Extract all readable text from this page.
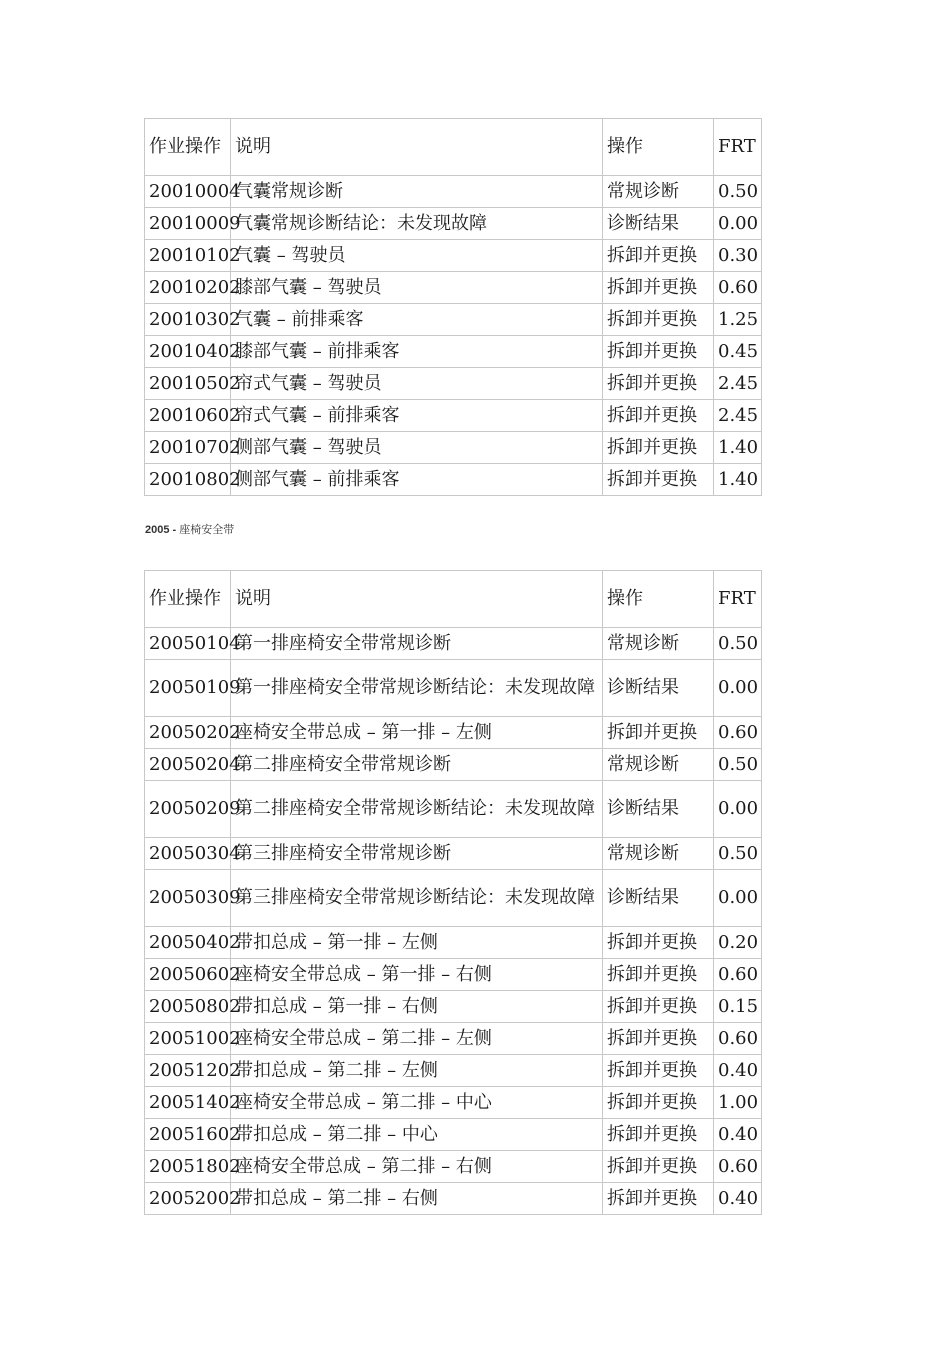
作业操作	说明	操作	FRT
20010004	气囊常规诊断	常规诊断	0.50
20010009	气囊常规诊断结论：未发现故障	诊断结果	0.00
20010102	气囊 – 驾驶员	拆卸并更换	0.30
20010202	膝部气囊 – 驾驶员	拆卸并更换	0.60
20010302	气囊 – 前排乘客	拆卸并更换	1.25
20010402	膝部气囊 – 前排乘客	拆卸并更换	0.45
20010502	帘式气囊 – 驾驶员	拆卸并更换	2.45
20010602	帘式气囊 – 前排乘客	拆卸并更换	2.45
20010702	侧部气囊 – 驾驶员	拆卸并更换	1.40
20010802	侧部气囊 – 前排乘客	拆卸并更换	1.40
2005 - 座椅安全带
作业操作	说明	操作	FRT
20050104	第一排座椅安全带常规诊断	常规诊断	0.50
20050109	第一排座椅安全带常规诊断结论：未发现故障	诊断结果	0.00
20050202	座椅安全带总成 – 第一排 – 左侧	拆卸并更换	0.60
20050204	第二排座椅安全带常规诊断	常规诊断	0.50
20050209	第二排座椅安全带常规诊断结论：未发现故障	诊断结果	0.00
20050304	第三排座椅安全带常规诊断	常规诊断	0.50
20050309	第三排座椅安全带常规诊断结论：未发现故障	诊断结果	0.00
20050402	带扣总成 – 第一排 – 左侧	拆卸并更换	0.20
20050602	座椅安全带总成 – 第一排 – 右侧	拆卸并更换	0.60
20050802	带扣总成 – 第一排 – 右侧	拆卸并更换	0.15
20051002	座椅安全带总成 – 第二排 – 左侧	拆卸并更换	0.60
20051202	带扣总成 – 第二排 – 左侧	拆卸并更换	0.40
20051402	座椅安全带总成 – 第二排 – 中心	拆卸并更换	1.00
20051602	带扣总成 – 第二排 – 中心	拆卸并更换	0.40
20051802	座椅安全带总成 – 第二排 – 右侧	拆卸并更换	0.60
20052002	带扣总成 – 第二排 – 右侧	拆卸并更换	0.40
